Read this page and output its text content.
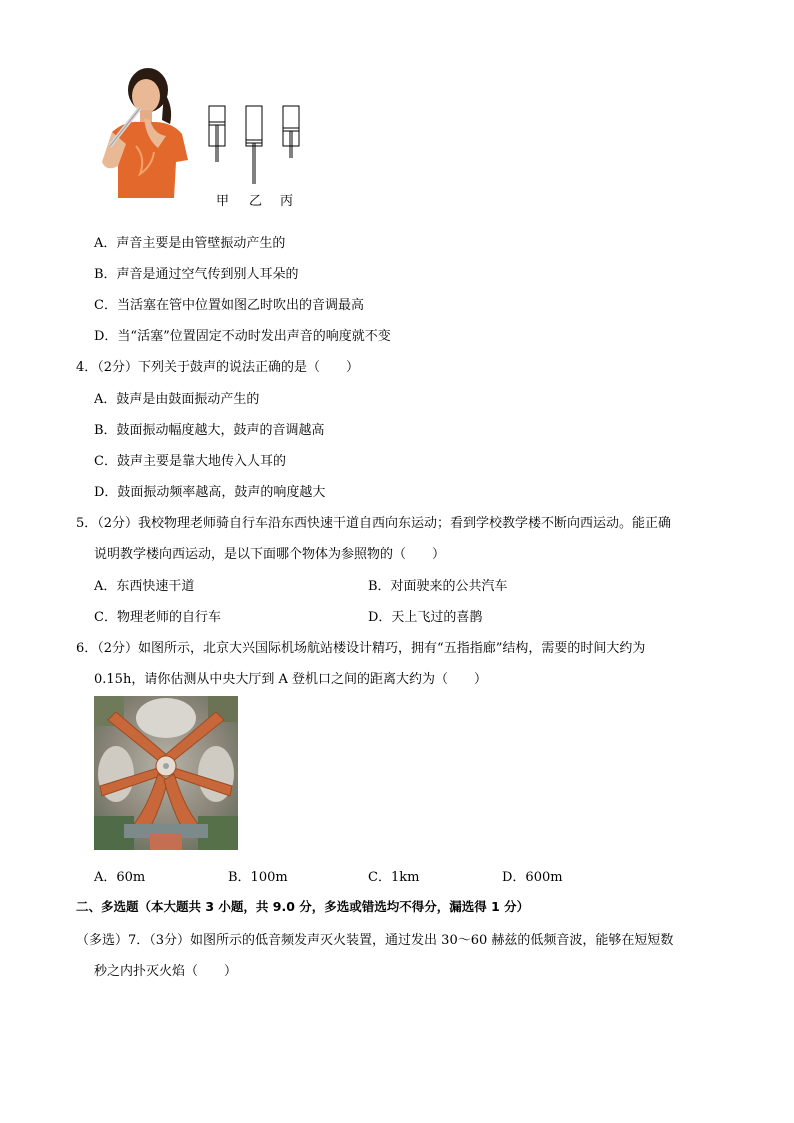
甲 乙 丙
A．声音主要是由管壁振动产生的
B．声音是通过空气传到别人耳朵的
C．当活塞在管中位置如图乙时吹出的音调最高
D．当“活塞”位置固定不动时发出声音的响度就不变
4．（2分）下列关于鼓声的说法正确的是（　　）
A．鼓声是由鼓面振动产生的
B．鼓面振动幅度越大，鼓声的音调越高
C．鼓声主要是靠大地传入人耳的
D．鼓面振动频率越高，鼓声的响度越大
5．（2分）我校物理老师骑自行车沿东西快速干道自西向东运动；看到学校教学楼不断向西运动。能正确
说明教学楼向西运动，是以下面哪个物体为参照物的（　　）
A．东西快速干道	B．对面驶来的公共汽车
C．物理老师的自行车	D．天上飞过的喜鹊
6．（2分）如图所示，北京大兴国际机场航站楼设计精巧，拥有“五指指廊”结构，需要的时间大约为
0.15h，请你估测从中央大厅到 A 登机口之间的距离大约为（　　）
A．60m	B．100m	C．1km	D．600m
二、多选题（本大题共 3 小题，共 9.0 分，多选或错选均不得分，漏选得 1 分）
（多选）7．（3分）如图所示的低音频发声灭火装置，通过发出 30～60 赫兹的低频音波，能够在短短数
秒之内扑灭火焰（　　）
